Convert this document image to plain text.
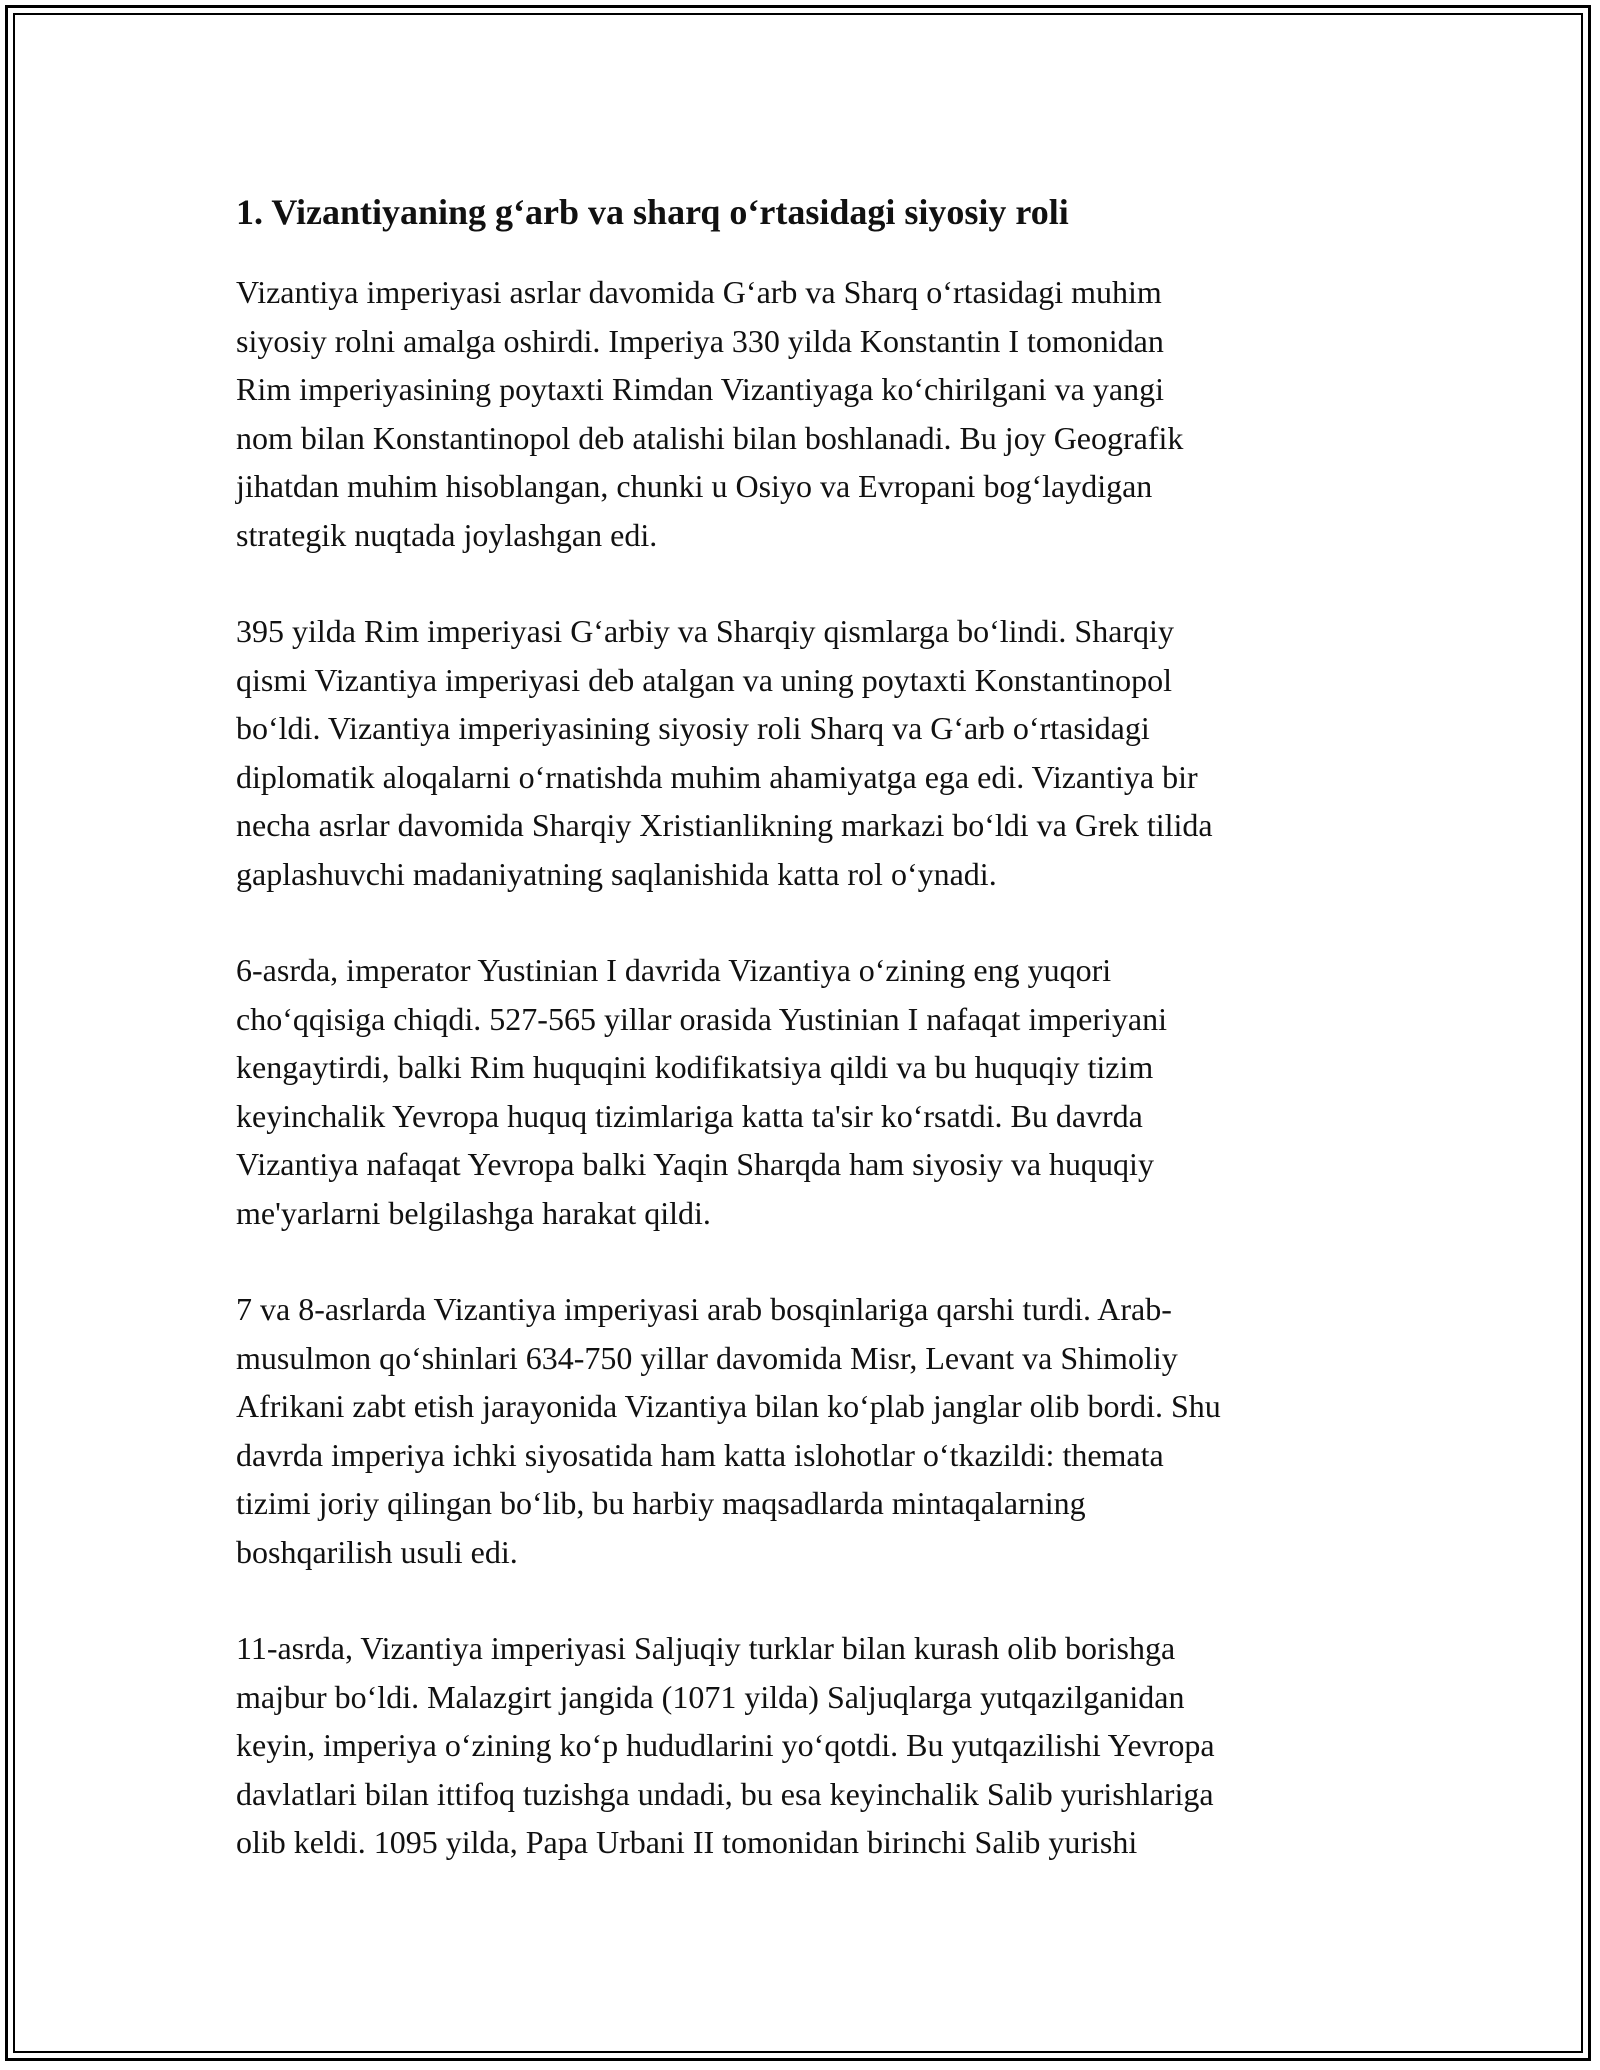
1. Vizantiyaning g‘arb va sharq o‘rtasidagi siyosiy roli
Vizantiya imperiyasi asrlar davomida G‘arb va Sharq o‘rtasidagi muhim
siyosiy rolni amalga oshirdi. Imperiya 330 yilda Konstantin I tomonidan
Rim imperiyasining poytaxti Rimdan Vizantiyaga ko‘chirilgani va yangi
nom bilan Konstantinopol deb atalishi bilan boshlanadi. Bu joy Geografik
jihatdan muhim hisoblangan, chunki u Osiyo va Evropani bog‘laydigan
strategik nuqtada joylashgan edi.
395 yilda Rim imperiyasi G‘arbiy va Sharqiy qismlarga bo‘lindi. Sharqiy
qismi Vizantiya imperiyasi deb atalgan va uning poytaxti Konstantinopol
bo‘ldi. Vizantiya imperiyasining siyosiy roli Sharq va G‘arb o‘rtasidagi
diplomatik aloqalarni o‘rnatishda muhim ahamiyatga ega edi. Vizantiya bir
necha asrlar davomida Sharqiy Xristianlikning markazi bo‘ldi va Grek tilida
gaplashuvchi madaniyatning saqlanishida katta rol o‘ynadi.
6-asrda, imperator Yustinian I davrida Vizantiya o‘zining eng yuqori
cho‘qqisiga chiqdi. 527-565 yillar orasida Yustinian I nafaqat imperiyani
kengaytirdi, balki Rim huquqini kodifikatsiya qildi va bu huquqiy tizim
keyinchalik Yevropa huquq tizimlariga katta ta'sir ko‘rsatdi. Bu davrda
Vizantiya nafaqat Yevropa balki Yaqin Sharqda ham siyosiy va huquqiy
me'yarlarni belgilashga harakat qildi.
7 va 8-asrlarda Vizantiya imperiyasi arab bosqinlariga qarshi turdi. Arab-
musulmon qo‘shinlari 634-750 yillar davomida Misr, Levant va Shimoliy
Afrikani zabt etish jarayonida Vizantiya bilan ko‘plab janglar olib bordi. Shu
davrda imperiya ichki siyosatida ham katta islohotlar o‘tkazildi: themata
tizimi joriy qilingan bo‘lib, bu harbiy maqsadlarda mintaqalarning
boshqarilish usuli edi.
11-asrda, Vizantiya imperiyasi Saljuqiy turklar bilan kurash olib borishga
majbur bo‘ldi. Malazgirt jangida (1071 yilda) Saljuqlarga yutqazilganidan
keyin, imperiya o‘zining ko‘p hududlarini yo‘qotdi. Bu yutqazilishi Yevropa
davlatlari bilan ittifoq tuzishga undadi, bu esa keyinchalik Salib yurishlariga
olib keldi. 1095 yilda, Papa Urbani II tomonidan birinchi Salib yurishi
